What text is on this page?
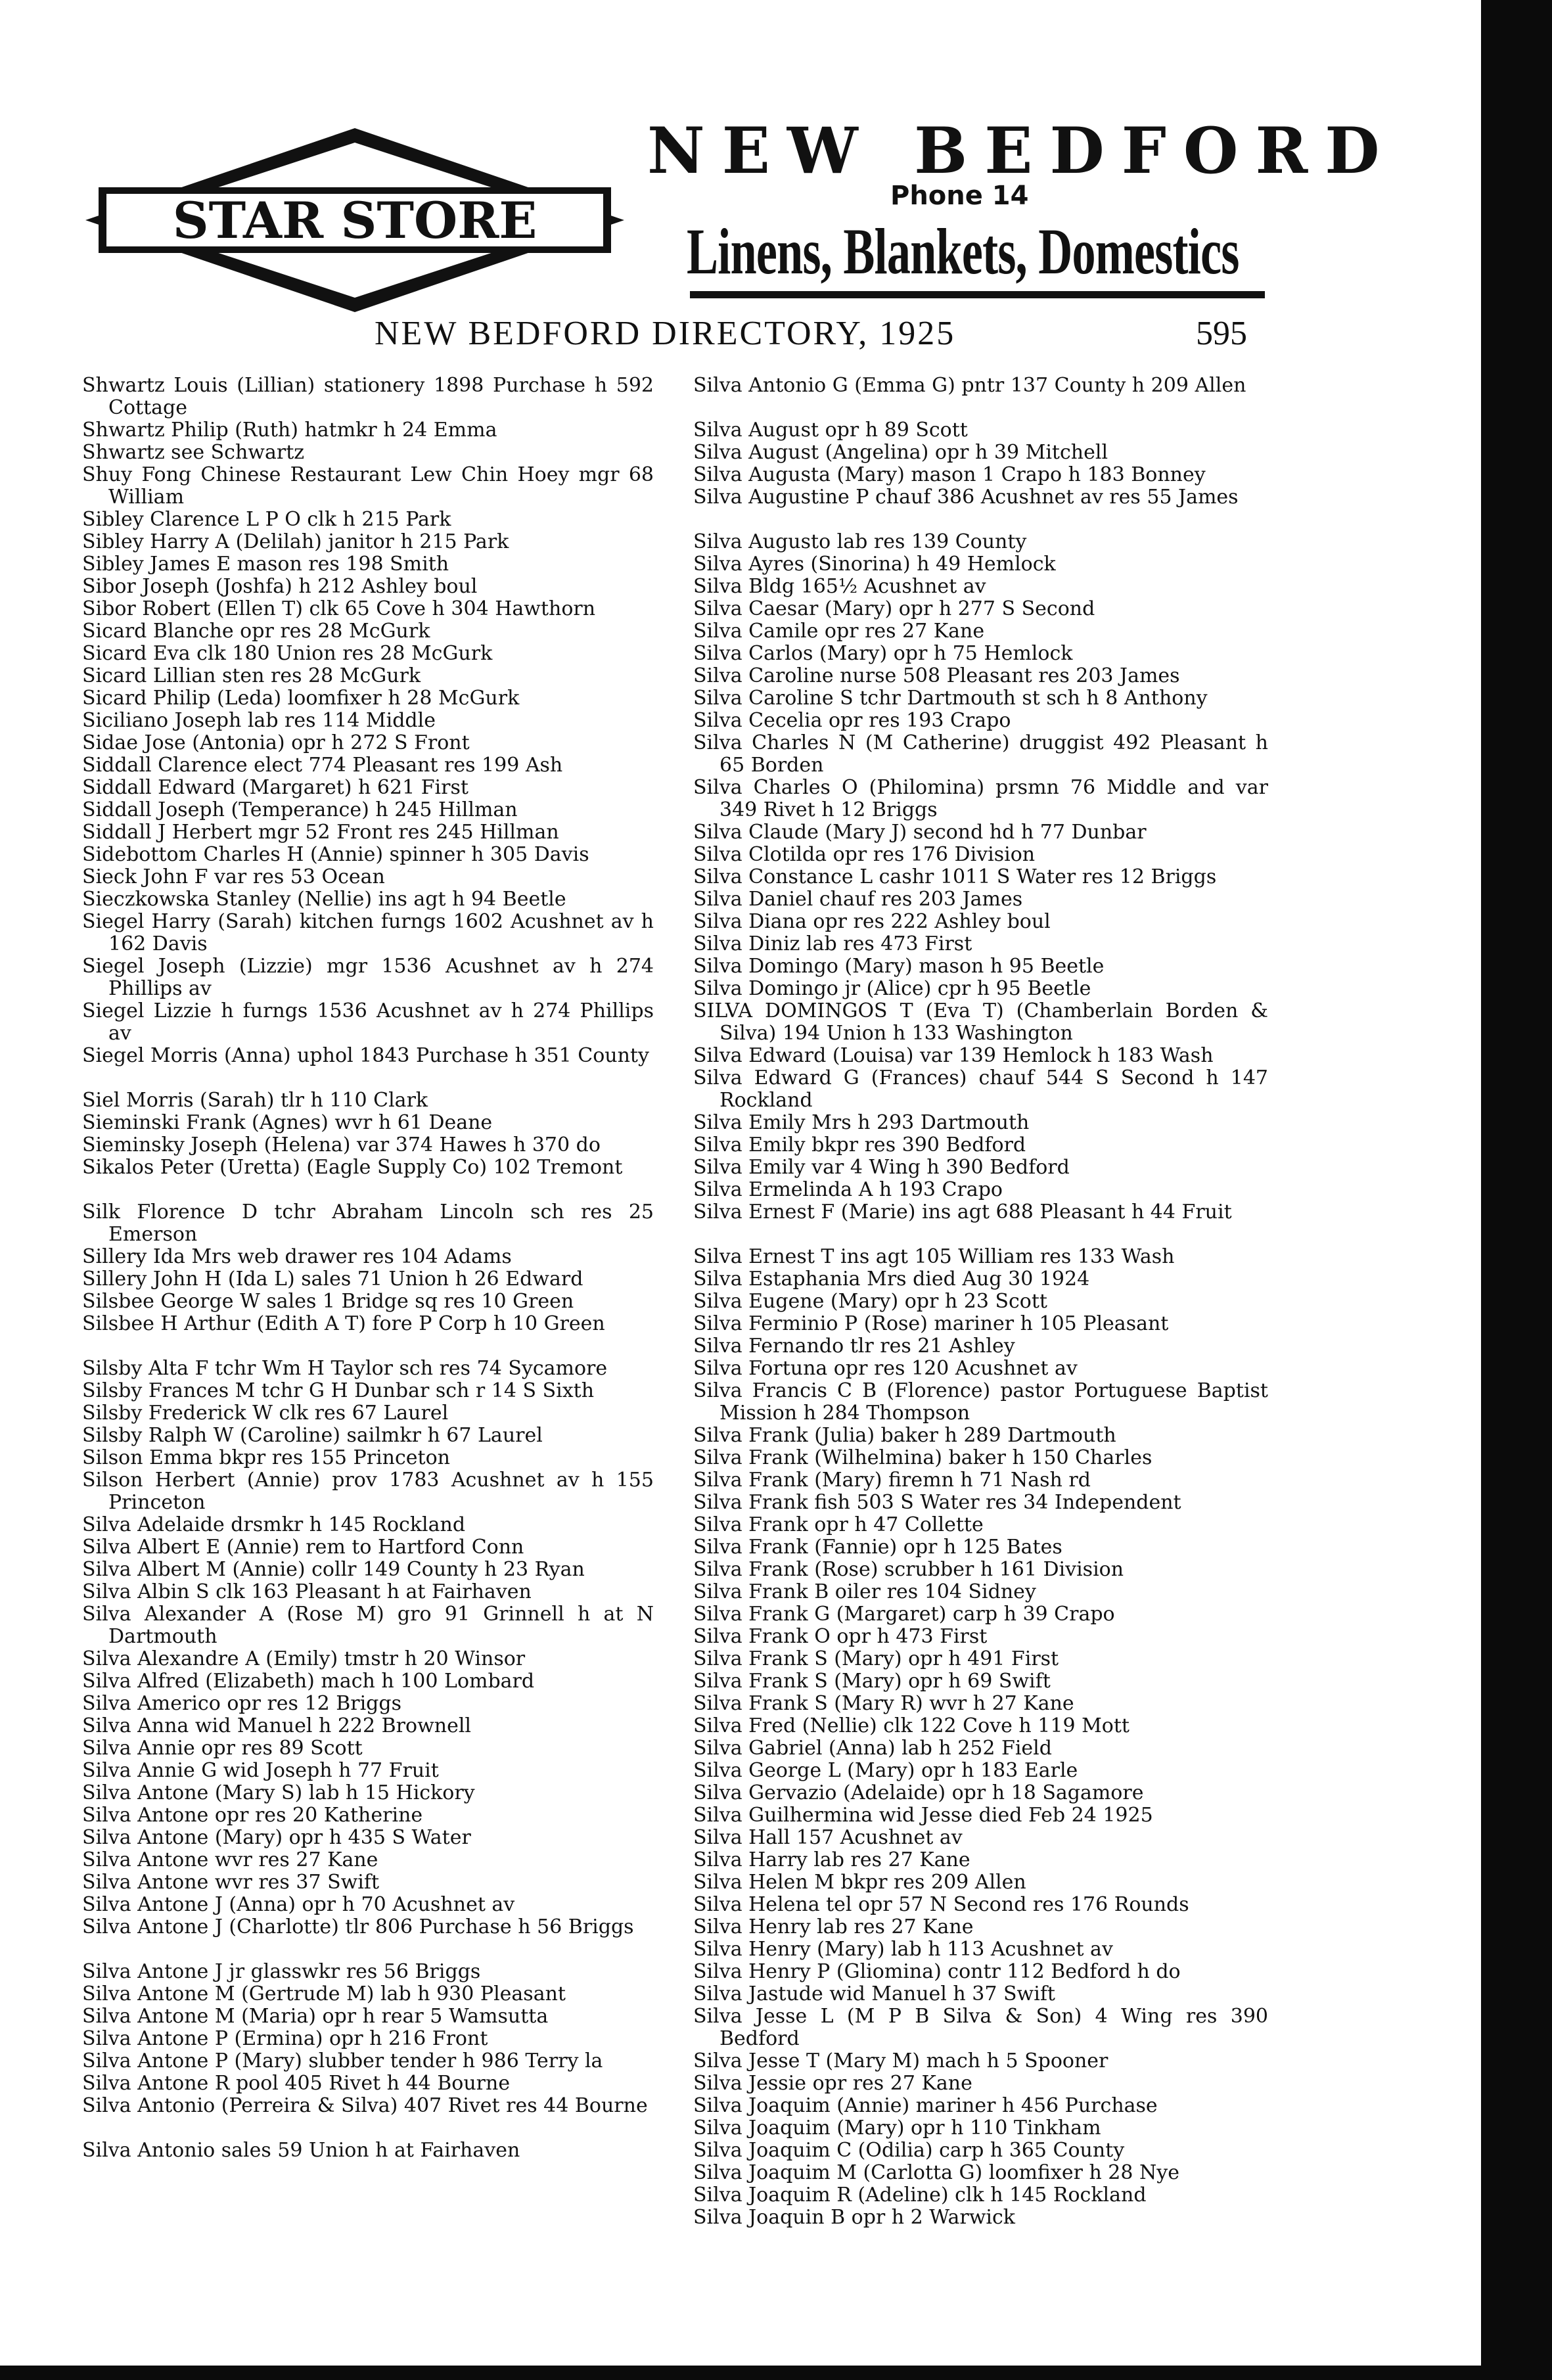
STAR STORE
NEW BEDFORD
Phone 14
Linens, Blankets, Domestics
NEW BEDFORD DIRECTORY, 1925	595

Shwartz Louis (Lillian) stationery 1898 Purchase h 592 Cottage

Shwartz Philip (Ruth) hatmkr h 24 Emma

Shwartz see Schwartz

Shuy Fong Chinese Restaurant Lew Chin Hoey mgr 68 William

Sibley Clarence L P O clk h 215 Park

Sibley Harry A (Delilah) janitor h 215 Park

Sibley James E mason res 198 Smith

Sibor Joseph (Joshfa) h 212 Ashley boul

Sibor Robert (Ellen T) clk 65 Cove h 304 Hawthorn

Sicard Blanche opr res 28 McGurk

Sicard Eva clk 180 Union res 28 McGurk

Sicard Lillian sten res 28 McGurk

Sicard Philip (Leda) loomfixer h 28 McGurk

Siciliano Joseph lab res 114 Middle

Sidae Jose (Antonia) opr h 272 S Front

Siddall Clarence elect 774 Pleasant res 199 Ash

Siddall Edward (Margaret) h 621 First

Siddall Joseph (Temperance) h 245 Hillman

Siddall J Herbert mgr 52 Front res 245 Hillman

Sidebottom Charles H (Annie) spinner h 305 Davis

Sieck John F var res 53 Ocean

Sieczkowska Stanley (Nellie) ins agt h 94 Beetle

Siegel Harry (Sarah) kitchen furngs 1602 Acushnet av h 162 Davis

Siegel Joseph (Lizzie) mgr 1536 Acushnet av h 274 Phillips av

Siegel Lizzie h furngs 1536 Acushnet av h 274 Phillips av

Siegel Morris (Anna) uphol 1843 Purchase h 351 County

Siel Morris (Sarah) tlr h 110 Clark

Sieminski Frank (Agnes) wvr h 61 Deane

Sieminsky Joseph (Helena) var 374 Hawes h 370 do

Sikalos Peter (Uretta) (Eagle Supply Co) 102 Tremont

Silk Florence D tchr Abraham Lincoln sch res 25 Emerson

Sillery Ida Mrs web drawer res 104 Adams

Sillery John H (Ida L) sales 71 Union h 26 Edward

Silsbee George W sales 1 Bridge sq res 10 Green

Silsbee H Arthur (Edith A T) fore P Corp h 10 Green

Silsby Alta F tchr Wm H Taylor sch res 74 Sycamore

Silsby Frances M tchr G H Dunbar sch r 14 S Sixth

Silsby Frederick W clk res 67 Laurel

Silsby Ralph W (Caroline) sailmkr h 67 Laurel

Silson Emma bkpr res 155 Princeton

Silson Herbert (Annie) prov 1783 Acushnet av h 155 Princeton

Silva Adelaide drsmkr h 145 Rockland

Silva Albert E (Annie) rem to Hartford Conn

Silva Albert M (Annie) collr 149 County h 23 Ryan

Silva Albin S clk 163 Pleasant h at Fairhaven

Silva Alexander A (Rose M) gro 91 Grinnell h at N Dartmouth

Silva Alexandre A (Emily) tmstr h 20 Winsor

Silva Alfred (Elizabeth) mach h 100 Lombard

Silva Americo opr res 12 Briggs

Silva Anna wid Manuel h 222 Brownell

Silva Annie opr res 89 Scott

Silva Annie G wid Joseph h 77 Fruit

Silva Antone (Mary S) lab h 15 Hickory

Silva Antone opr res 20 Katherine

Silva Antone (Mary) opr h 435 S Water

Silva Antone wvr res 27 Kane

Silva Antone wvr res 37 Swift

Silva Antone J (Anna) opr h 70 Acushnet av

Silva Antone J (Charlotte) tlr 806 Purchase h 56 Briggs

Silva Antone J jr glasswkr res 56 Briggs

Silva Antone M (Gertrude M) lab h 930 Pleasant

Silva Antone M (Maria) opr h rear 5 Wamsutta

Silva Antone P (Ermina) opr h 216 Front

Silva Antone P (Mary) slubber tender h 986 Terry la

Silva Antone R pool 405 Rivet h 44 Bourne

Silva Antonio (Perreira & Silva) 407 Rivet res 44 Bourne

Silva Antonio sales 59 Union h at Fairhaven

Silva Antonio G (Emma G) pntr 137 County h 209 Allen

Silva August opr h 89 Scott

Silva August (Angelina) opr h 39 Mitchell

Silva Augusta (Mary) mason 1 Crapo h 183 Bonney

Silva Augustine P chauf 386 Acushnet av res 55 James

Silva Augusto lab res 139 County

Silva Ayres (Sinorina) h 49 Hemlock

Silva Bldg 165½ Acushnet av

Silva Caesar (Mary) opr h 277 S Second

Silva Camile opr res 27 Kane

Silva Carlos (Mary) opr h 75 Hemlock

Silva Caroline nurse 508 Pleasant res 203 James

Silva Caroline S tchr Dartmouth st sch h 8 Anthony

Silva Cecelia opr res 193 Crapo

Silva Charles N (M Catherine) druggist 492 Pleasant h 65 Borden

Silva Charles O (Philomina) prsmn 76 Middle and var 349 Rivet h 12 Briggs

Silva Claude (Mary J) second hd h 77 Dunbar

Silva Clotilda opr res 176 Division

Silva Constance L cashr 1011 S Water res 12 Briggs

Silva Daniel chauf res 203 James

Silva Diana opr res 222 Ashley boul

Silva Diniz lab res 473 First

Silva Domingo (Mary) mason h 95 Beetle

Silva Domingo jr (Alice) cpr h 95 Beetle

SILVA DOMINGOS T (Eva T) (Chamberlain Borden & Silva) 194 Union h 133 Washington

Silva Edward (Louisa) var 139 Hemlock h 183 Wash

Silva Edward G (Frances) chauf 544 S Second h 147 Rockland

Silva Emily Mrs h 293 Dartmouth

Silva Emily bkpr res 390 Bedford

Silva Emily var 4 Wing h 390 Bedford

Silva Ermelinda A h 193 Crapo

Silva Ernest F (Marie) ins agt 688 Pleasant h 44 Fruit

Silva Ernest T ins agt 105 William res 133 Wash

Silva Estaphania Mrs died Aug 30 1924

Silva Eugene (Mary) opr h 23 Scott

Silva Ferminio P (Rose) mariner h 105 Pleasant

Silva Fernando tlr res 21 Ashley

Silva Fortuna opr res 120 Acushnet av

Silva Francis C B (Florence) pastor Portuguese Baptist Mission h 284 Thompson

Silva Frank (Julia) baker h 289 Dartmouth

Silva Frank (Wilhelmina) baker h 150 Charles

Silva Frank (Mary) firemn h 71 Nash rd

Silva Frank fish 503 S Water res 34 Independent

Silva Frank opr h 47 Collette

Silva Frank (Fannie) opr h 125 Bates

Silva Frank (Rose) scrubber h 161 Division

Silva Frank B oiler res 104 Sidney

Silva Frank G (Margaret) carp h 39 Crapo

Silva Frank O opr h 473 First

Silva Frank S (Mary) opr h 491 First

Silva Frank S (Mary) opr h 69 Swift

Silva Frank S (Mary R) wvr h 27 Kane

Silva Fred (Nellie) clk 122 Cove h 119 Mott

Silva Gabriel (Anna) lab h 252 Field

Silva George L (Mary) opr h 183 Earle

Silva Gervazio (Adelaide) opr h 18 Sagamore

Silva Guilhermina wid Jesse died Feb 24 1925

Silva Hall 157 Acushnet av

Silva Harry lab res 27 Kane

Silva Helen M bkpr res 209 Allen

Silva Helena tel opr 57 N Second res 176 Rounds

Silva Henry lab res 27 Kane

Silva Henry (Mary) lab h 113 Acushnet av

Silva Henry P (Gliomina) contr 112 Bedford h do

Silva Jastude wid Manuel h 37 Swift

Silva Jesse L (M P B Silva & Son) 4 Wing res 390 Bedford

Silva Jesse T (Mary M) mach h 5 Spooner

Silva Jessie opr res 27 Kane

Silva Joaquim (Annie) mariner h 456 Purchase

Silva Joaquim (Mary) opr h 110 Tinkham

Silva Joaquim C (Odilia) carp h 365 County

Silva Joaquim M (Carlotta G) loomfixer h 28 Nye

Silva Joaquim R (Adeline) clk h 145 Rockland

Silva Joaquin B opr h 2 Warwick
